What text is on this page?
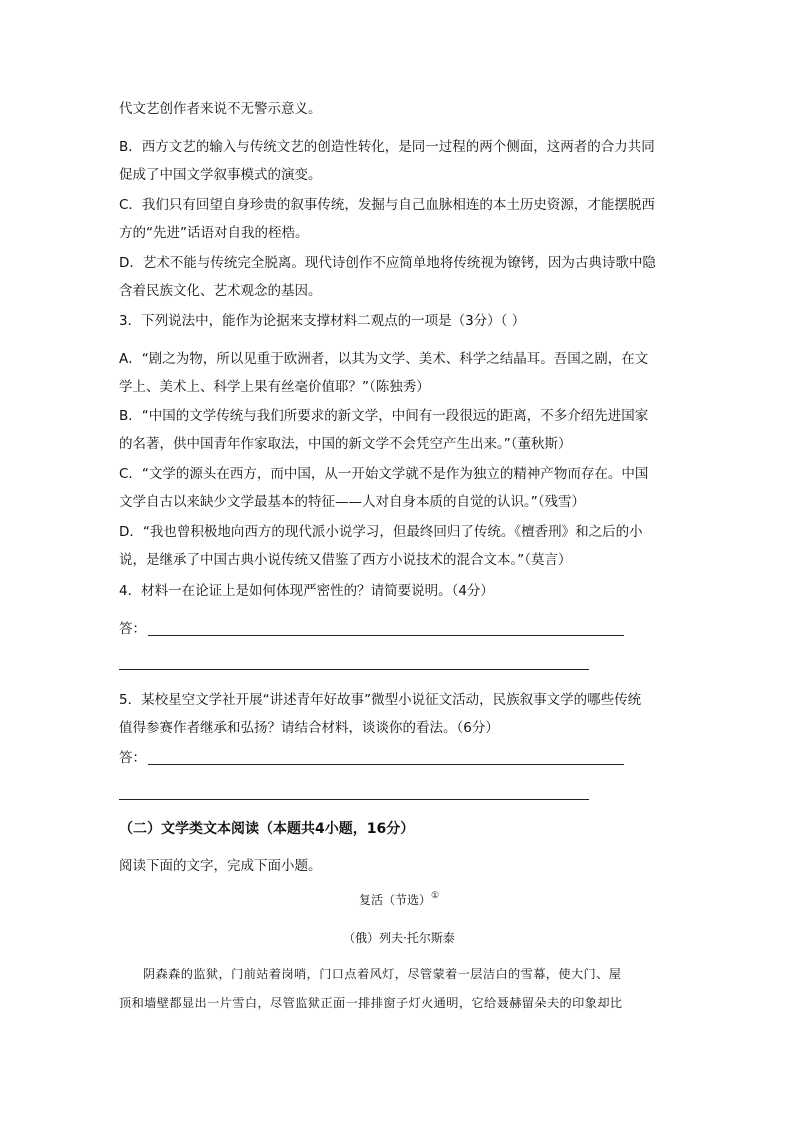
代文艺创作者来说不无警示意义。

B．西方文艺的输入与传统文艺的创造性转化，是同一过程的两个侧面，这两者的合力共同
促成了中国文学叙事模式的演变。

C．我们只有回望自身珍贵的叙事传统，发掘与自己血脉相连的本土历史资源，才能摆脱西
方的“先进”话语对自我的桎梏。

D．艺术不能与传统完全脱离。现代诗创作不应简单地将传统视为镣铐，因为古典诗歌中隐
含着民族文化、艺术观念的基因。

3．下列说法中，能作为论据来支撑材料二观点的一项是（3分）（ ）

A．“剧之为物，所以见重于欧洲者，以其为文学、美术、科学之结晶耳。吾国之剧，在文
学上、美术上、科学上果有丝毫价值耶？”（陈独秀）

B．“中国的文学传统与我们所要求的新文学，中间有一段很远的距离，不多介绍先进国家
的名著，供中国青年作家取法，中国的新文学不会凭空产生出来。”（董秋斯）

C．“文学的源头在西方，而中国，从一开始文学就不是作为独立的精神产物而存在。中国
文学自古以来缺少文学最基本的特征——人对自身本质的自觉的认识。”（残雪）

D．“我也曾积极地向西方的现代派小说学习，但最终回归了传统。《檀香刑》和之后的小
说，是继承了中国古典小说传统又借鉴了西方小说技术的混合文本。”（莫言）

4．材料一在论证上是如何体现严密性的？请简要说明。（4分）

答：

5．某校星空文学社开展“讲述青年好故事”微型小说征文活动，民族叙事文学的哪些传统
值得参赛作者继承和弘扬？请结合材料，谈谈你的看法。（6分）

答：
（二）文学类文本阅读（本题共4小题，16分）

阅读下面的文字，完成下面小题。

复活（节选）①
（俄）列夫·托尔斯泰

阴森森的监狱，门前站着岗哨，门口点着风灯，尽管蒙着一层洁白的雪幕，使大门、屋
顶和墙壁都显出一片雪白，尽管监狱正面一排排窗子灯火通明，它给聂赫留朵夫的印象却比
